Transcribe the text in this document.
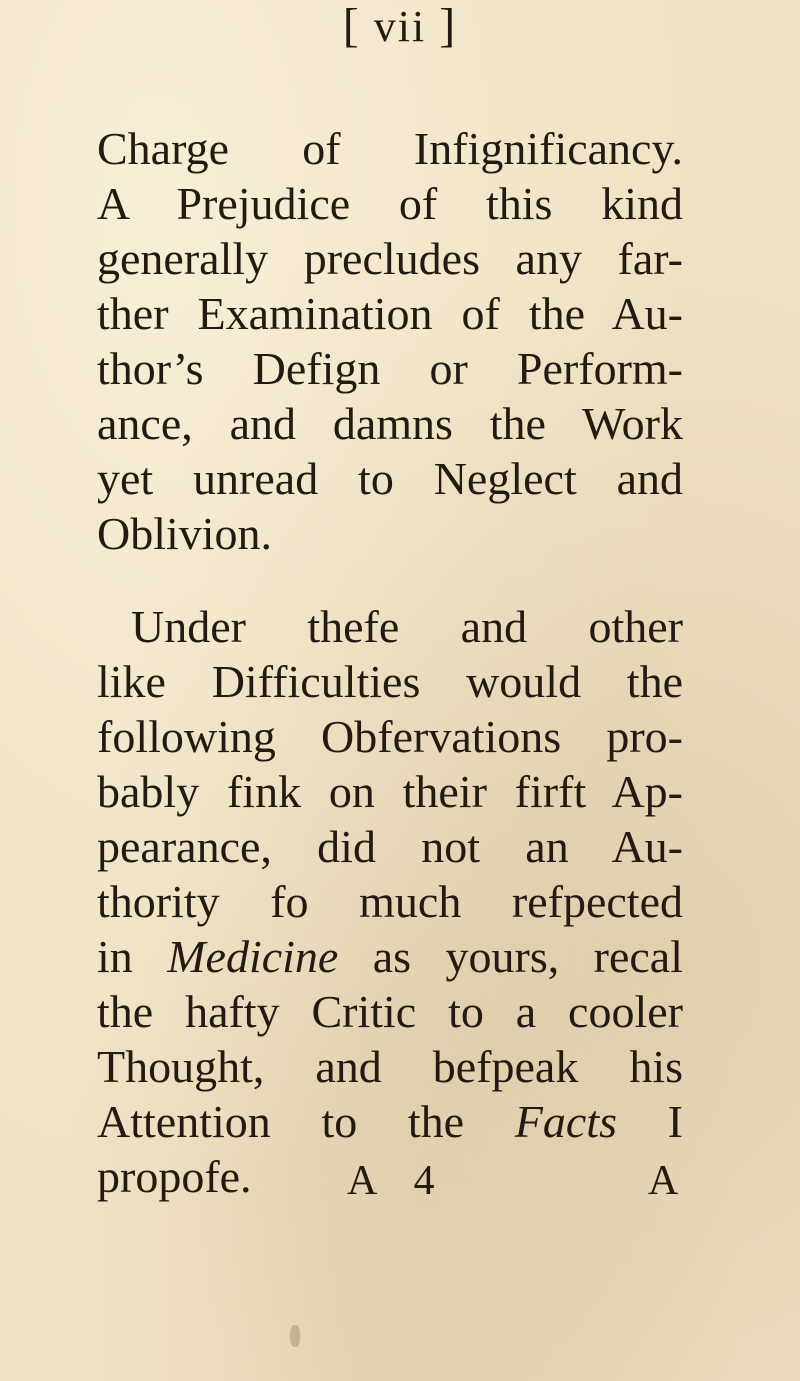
[ vii ]
Charge of Infignificancy.
A Prejudice of this kind
generally precludes any far-
ther Examination of the Au-
thor’s Defign or Perform-
ance, and damns the Work
yet unread to Neglect and
Oblivion.
Under thefe and other
like Difficulties would the
following Obfervations pro-
bably fink on their firft Ap-
pearance, did not an Au-
thority fo much refpected
in Medicine as yours, recal
the hafty Critic to a cooler
Thought, and befpeak his
Attention to the Facts I
propofe.	A 4	A
